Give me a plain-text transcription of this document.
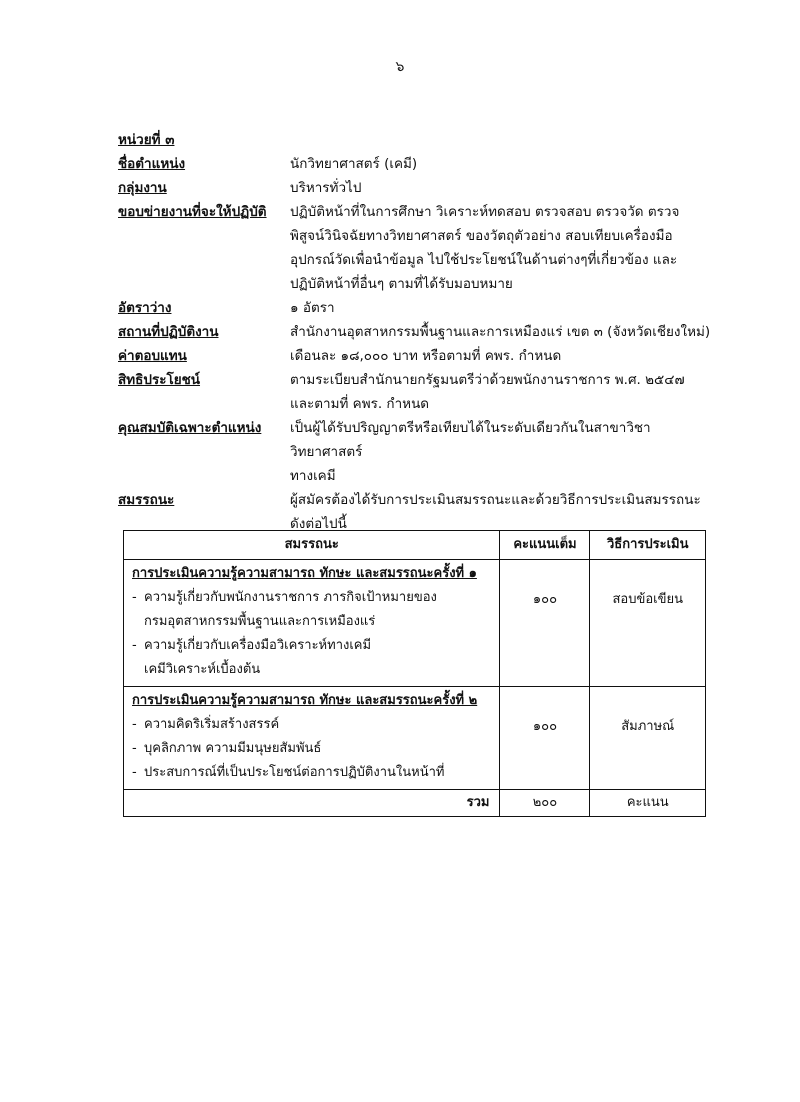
๖
หน่วยที่ ๓

ชื่อตำแหน่ง	นักวิทยาศาสตร์ (เคมี)
กลุ่มงาน	บริหารทั่วไป
ขอบข่ายงานที่จะให้ปฏิบัติ	ปฏิบัติหน้าที่ในการศึกษา วิเคราะห์ทดสอบ ตรวจสอบ ตรวจวัด ตรวจ
พิสูจน์วินิจฉัยทางวิทยาศาสตร์ ของวัตถุตัวอย่าง สอบเทียบเครื่องมือ
อุปกรณ์วัดเพื่อนำข้อมูล ไปใช้ประโยชน์ในด้านต่างๆที่เกี่ยวข้อง และ
ปฏิบัติหน้าที่อื่นๆ ตามที่ได้รับมอบหมาย
อัตราว่าง	๑ อัตรา
สถานที่ปฏิบัติงาน	สำนักงานอุตสาหกรรมพื้นฐานและการเหมืองแร่ เขต ๓ (จังหวัดเชียงใหม่)
ค่าตอบแทน	เดือนละ ๑๘,๐๐๐ บาท หรือตามที่ คพร. กำหนด
สิทธิประโยชน์	ตามระเบียบสำนักนายกรัฐมนตรีว่าด้วยพนักงานราชการ พ.ศ. ๒๕๔๗
และตามที่ คพร. กำหนด
คุณสมบัติเฉพาะตำแหน่ง	เป็นผู้ได้รับปริญญาตรีหรือเทียบได้ในระดับเดียวกันในสาขาวิชาวิทยาศาสตร์
ทางเคมี
สมรรถนะ	ผู้สมัครต้องได้รับการประเมินสมรรถนะและด้วยวิธีการประเมินสมรรถนะ
ดังต่อไปนี้
สมรรถนะ	คะแนนเต็ม	วิธีการประเมิน

การประเมินความรู้ความสามารถ ทักษะ และสมรรถนะครั้งที่ ๑
- ความรู้เกี่ยวกับพนักงานราชการ ภารกิจเป้าหมายของ
กรมอุตสาหกรรมพื้นฐานและการเหมืองแร่
- ความรู้เกี่ยวกับเครื่องมือวิเคราะห์ทางเคมี
เคมีวิเคราะห์เบื้องต้น	๑๐๐	สอบข้อเขียน

การประเมินความรู้ความสามารถ ทักษะ และสมรรถนะครั้งที่ ๒
- ความคิดริเริ่มสร้างสรรค์
- บุคลิกภาพ ความมีมนุษยสัมพันธ์
- ประสบการณ์ที่เป็นประโยชน์ต่อการปฏิบัติงานในหน้าที่	๑๐๐	สัมภาษณ์
รวม	๒๐๐	คะแนน
